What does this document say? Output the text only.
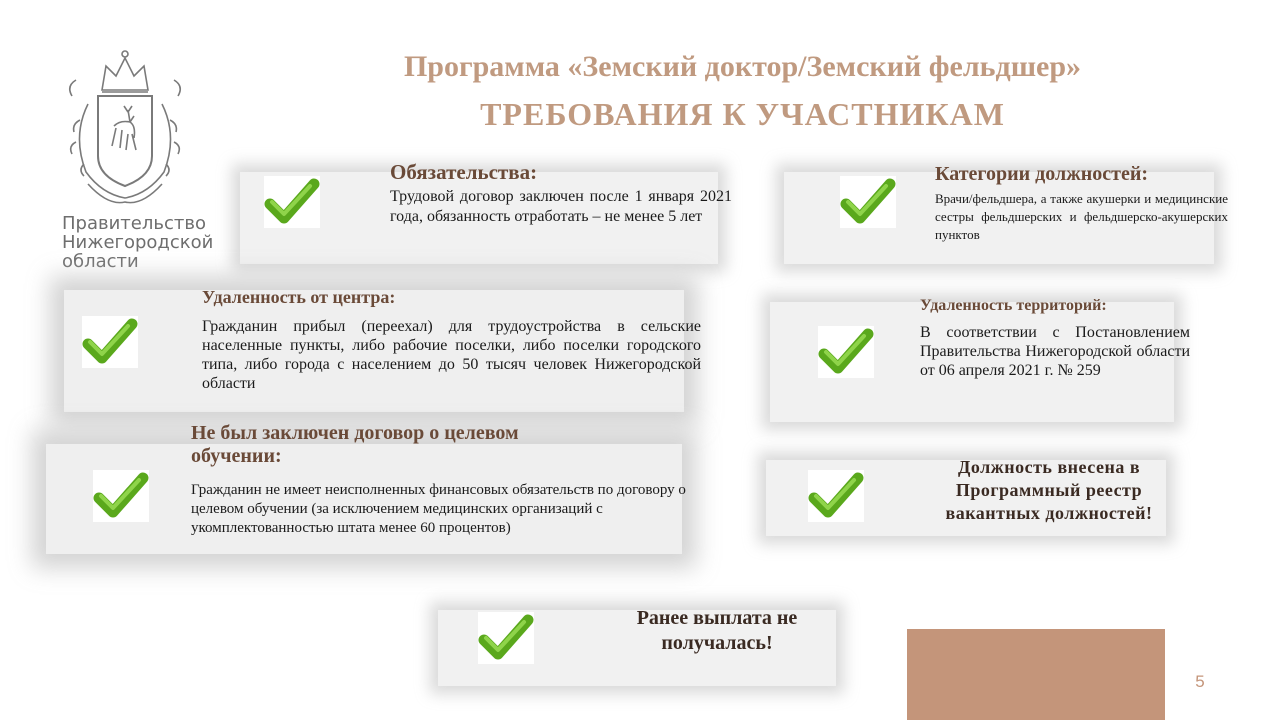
Правительство
Нижегородской
области
Программа «Земский доктор/Земский фельдшер»
ТРЕБОВАНИЯ К УЧАСТНИКАМ
Обязательства:
Трудовой договор заключен после 1 января 2021 года, обязанность отработать – не менее 5 лет
Категории должностей:
Врачи/фельдшера, а также акушерки и медицинские сестры фельдшерских и фельдшерско-акушерских пунктов
Удаленность от центра:
Гражданин прибыл (переехал) для трудоустройства в сельские населенные пункты, либо рабочие поселки, либо поселки городского типа, либо города с населением до 50 тысяч человек Нижегородской области
Удаленность территорий:
В соответствии с Постановлением Правительства Нижегородской области от 06 апреля 2021 г. № 259
Не был заключен договор о целевом обучении:
Гражданин не имеет неисполненных финансовых обязательств по договору о целевом обучении (за исключением медицинских организаций с укомплектованностью штата менее 60 процентов)
Должность внесена в Программный реестр вакантных должностей!
Ранее выплата не получалась!
5
